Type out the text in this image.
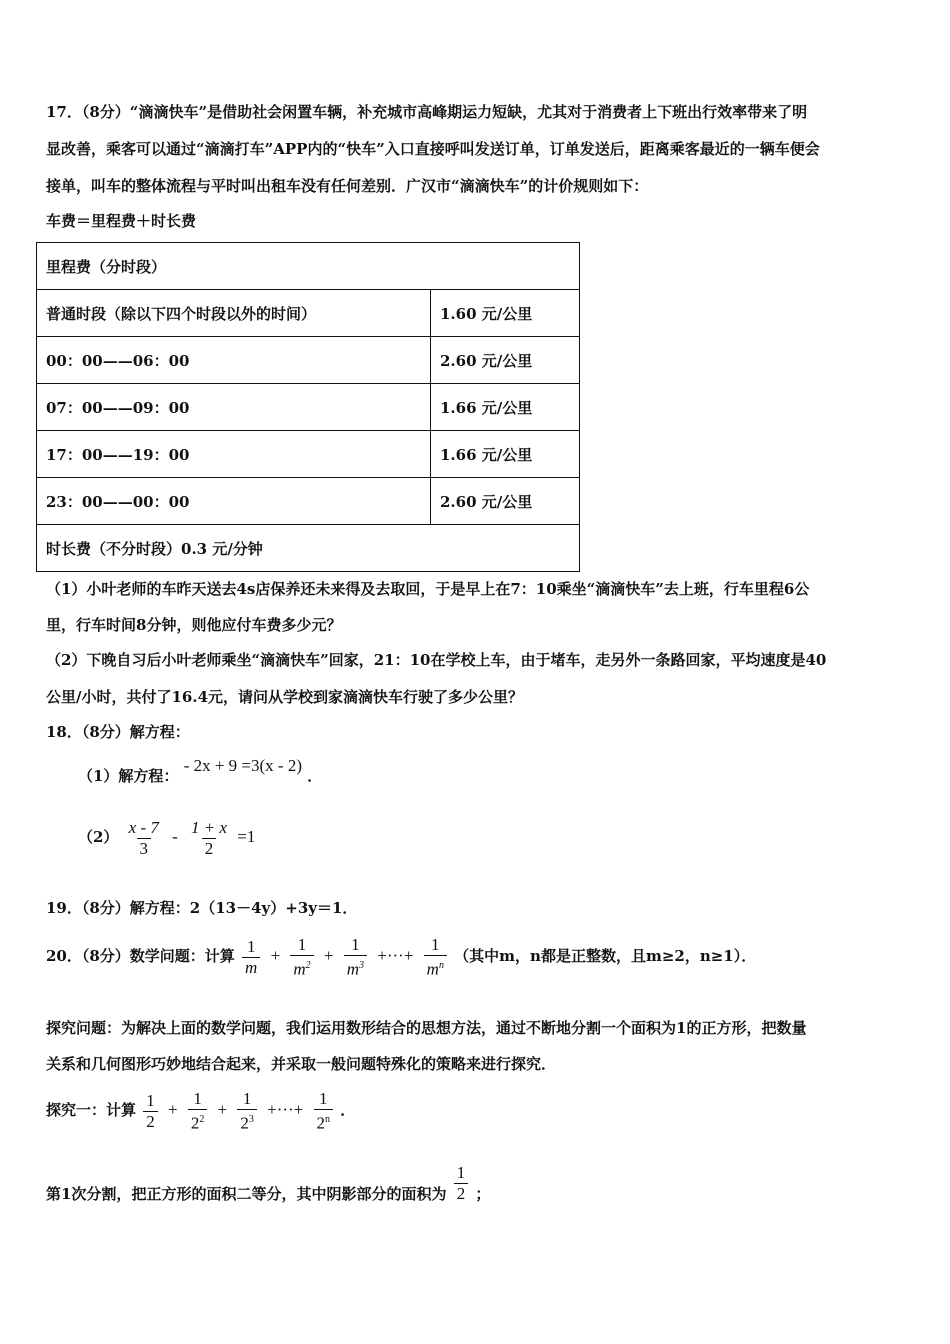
17．（8分）“滴滴快车”是借助社会闲置车辆，补充城市高峰期运力短缺，尤其对于消费者上下班出行效率带来了明
显改善，乘客可以通过“滴滴打车”APP内的“快车”入口直接呼叫发送订单，订单发送后，距离乘客最近的一辆车便会
接单，叫车的整体流程与平时叫出租车没有任何差别．广汉市“滴滴快车”的计价规则如下：
车费＝里程费＋时长费
里程费（分时段）	
普通时段（除以下四个时段以外的时间）	1.60 元/公里
00：00——06：00	2.60 元/公里
07：00——09：00	1.66 元/公里
17：00——19：00	1.66 元/公里
23：00——00：00	2.60 元/公里
时长费（不分时段）0.3 元/分钟	
（1）小叶老师的车昨天送去4s店保养还未来得及去取回，于是早上在7：10乘坐“滴滴快车”去上班，行车里程6公
里，行车时间8分钟，则他应付车费多少元？
（2）下晚自习后小叶老师乘坐“滴滴快车”回家，21：10在学校上车，由于堵车，走另外一条路回家，平均速度是40
公里/小时，共付了16.4元，请问从学校到家滴滴快车行驶了多少公里？
18．（8分）解方程：
（1）解方程： - 2x + 9 =3(x - 2) ．
$(2) \frac{x - 7}{3} - \frac{1 + x}{2} =1$
19．（8分）解方程：2（13－4y）+3y＝1．
20．（8分）数学问题：计算 $\frac{1}{m} + \frac{1}{m^2} + \frac{1}{m^3}$ +···+ $\frac{1}{m^n}$ （其中m，n都是正整数，且m≥2，n≥1）．
探究问题：为解决上面的数学问题，我们运用数形结合的思想方法，通过不断地分割一个面积为1的正方形，把数量
关系和几何图形巧妙地结合起来，并采取一般问题特殊化的策略来进行探究．
探究一：计算 $\frac{1}{2} + \frac{1}{2^2} + \frac{1}{2^3}$ +···+ $\frac{1}{2^n}$ ．
第1次分割，把正方形的面积二等分，其中阴影部分的面积为 $\frac{1}{2}$ ；
